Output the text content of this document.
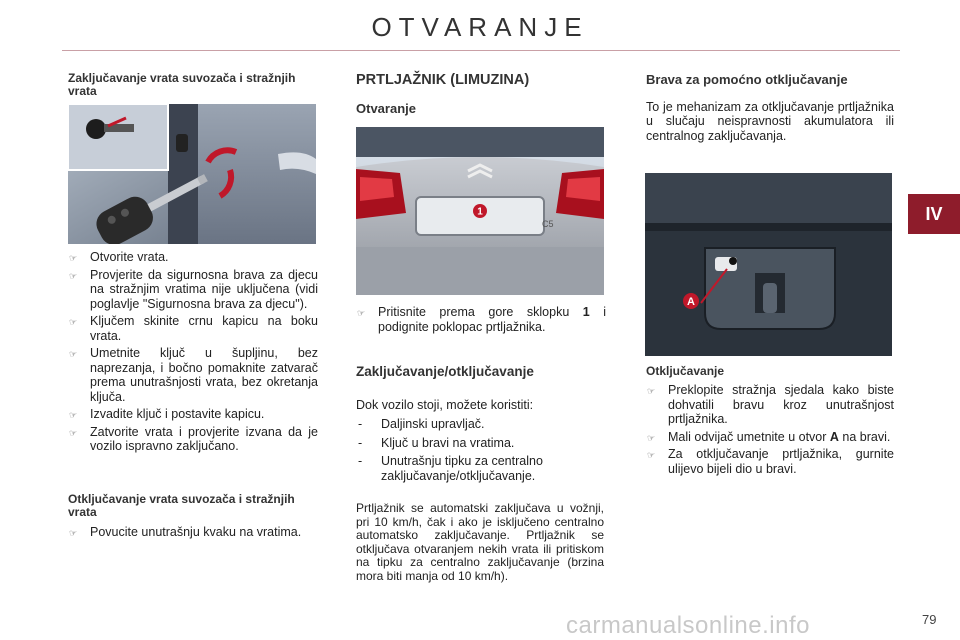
OTVARANJE
IV
Zaključavanje vrata suvozača i stražnjih vrata
☞ Otvorite vrata.
☞ Provjerite da sigurnosna brava za djecu na stražnjim vratima nije uključena (vidi poglavlje "Sigurnosna brava za djecu").
☞ Ključem skinite crnu kapicu na boku vrata.
☞ Umetnite ključ u šupljinu, bez naprezanja, i bočno pomaknite zatvarač prema unutrašnjosti vrata, bez okretanja ključa.
☞ Izvadite ključ i postavite kapicu.
☞ Zatvorite vrata i provjerite izvana da je vozilo ispravno zaključano.
Otključavanje vrata suvozača i stražnjih vrata
☞ Povucite unutrašnju kvaku na vratima.
PRTLJAŽNIK (LIMUZINA)
Otvaranje
C5
1
☞ Pritisnite prema gore sklopku 1 i podignite poklopac prtljažnika.
Zaključavanje/otključavanje
Dok vozilo stoji, možete koristiti:
- Daljinski upravljač.
- Ključ u bravi na vratima.
- Unutrašnju tipku za centralno zaključavanje/otključavanje.
Prtljažnik se automatski zaključava u vožnji, pri 10 km/h, čak i ako je isključeno centralno automatsko zaključavanje. Prtljažnik se otključava otvaranjem nekih vrata ili pritiskom na tipku za centralno zaključavanje (brzina mora biti manja od 10 km/h).
Brava za pomoćno otključavanje
To je mehanizam za otključavanje prtljažnika u slučaju neispravnosti akumulatora ili centralnog zaključavanja.
A
Otključavanje
☞ Preklopite stražnja sjedala kako biste dohvatili bravu kroz unutrašnjost prtljažnika.
☞ Mali odvijač umetnite u otvor A na bravi.
☞ Za otključavanje prtljažnika, gurnite ulijevo bijeli dio u bravi.
carmanualsonline.info	79
